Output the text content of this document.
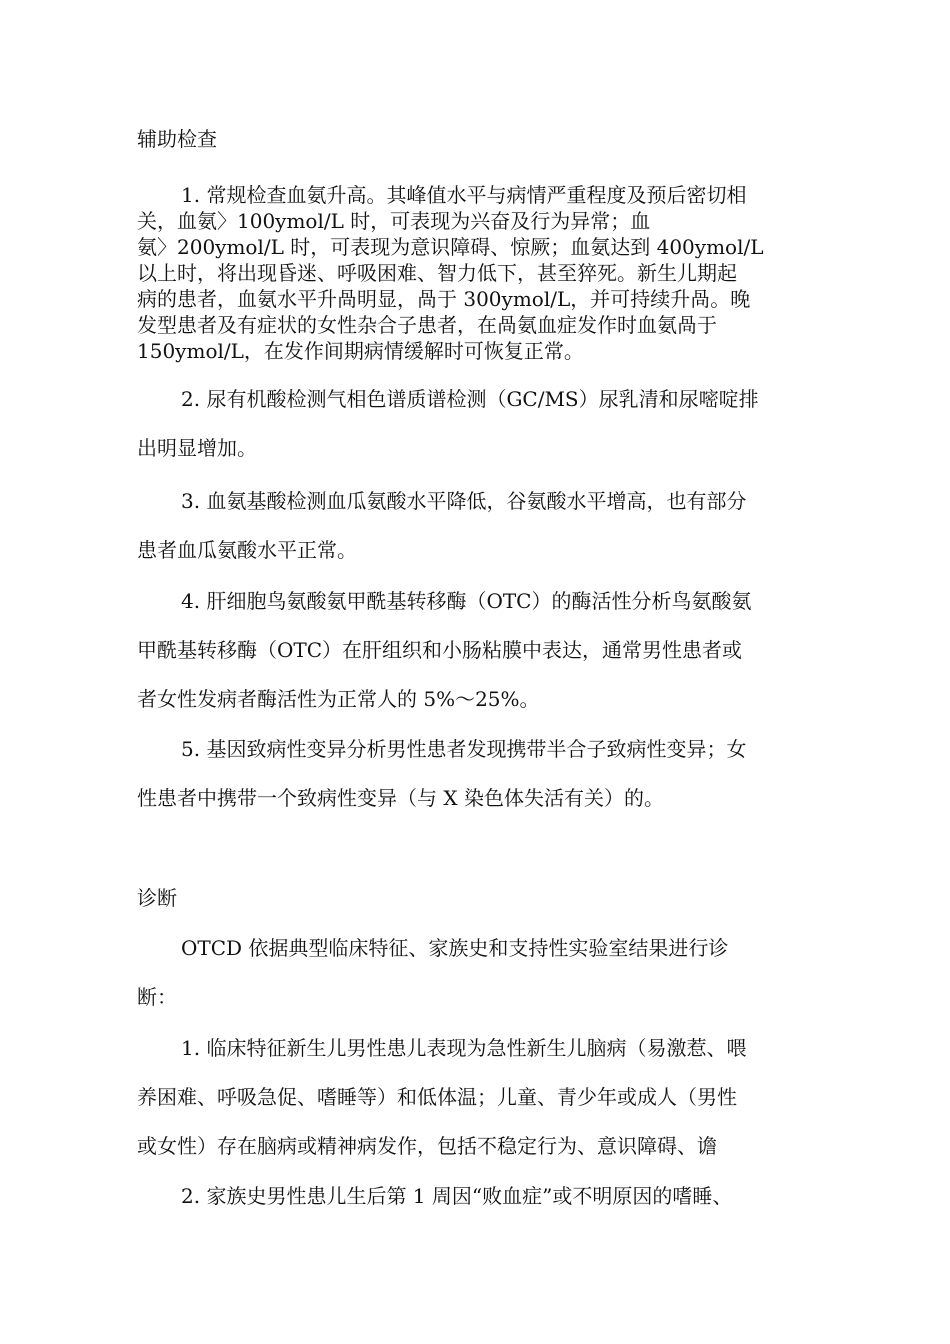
辅助检查
1. 常规检查血氨升高。其峰值水平与病情严重程度及预后密切相
关，血氨〉100ymol/L 时，可表现为兴奋及行为异常；血
氨〉200ymol/L 时，可表现为意识障碍、惊厥；血氨达到 400ymol/L
以上时，将出现昏迷、呼吸困难、智力低下，甚至猝死。新生儿期起
病的患者，血氨水平升咼明显，咼于 300ymol/L，并可持续升咼。晚
发型患者及有症状的女性杂合子患者，在咼氨血症发作时血氨咼于
150ymol/L，在发作间期病情缓解时可恢复正常。
2. 尿有机酸检测气相色谱质谱检测（GC/MS）尿乳清和尿嘧啶排
出明显增加。
3. 血氨基酸检测血瓜氨酸水平降低，谷氨酸水平增高，也有部分
患者血瓜氨酸水平正常。
4. 肝细胞鸟氨酸氨甲酰基转移酶（OTC）的酶活性分析鸟氨酸氨
甲酰基转移酶（OTC）在肝组织和小肠粘膜中表达，通常男性患者或
者女性发病者酶活性为正常人的 5%〜25%。
5. 基因致病性变异分析男性患者发现携带半合子致病性变异；女
性患者中携带一个致病性变异（与 X 染色体失活有关）的。
诊断
OTCD 依据典型临床特征、家族史和支持性实验室结果进行诊
断：
1. 临床特征新生儿男性患儿表现为急性新生儿脑病（易激惹、喂
养困难、呼吸急促、嗜睡等）和低体温；儿童、青少年或成人（男性
或女性）存在脑病或精神病发作，包括不稳定行为、意识障碍、谵
2. 家族史男性患儿生后第 1 周因“败血症”或不明原因的嗜睡、
